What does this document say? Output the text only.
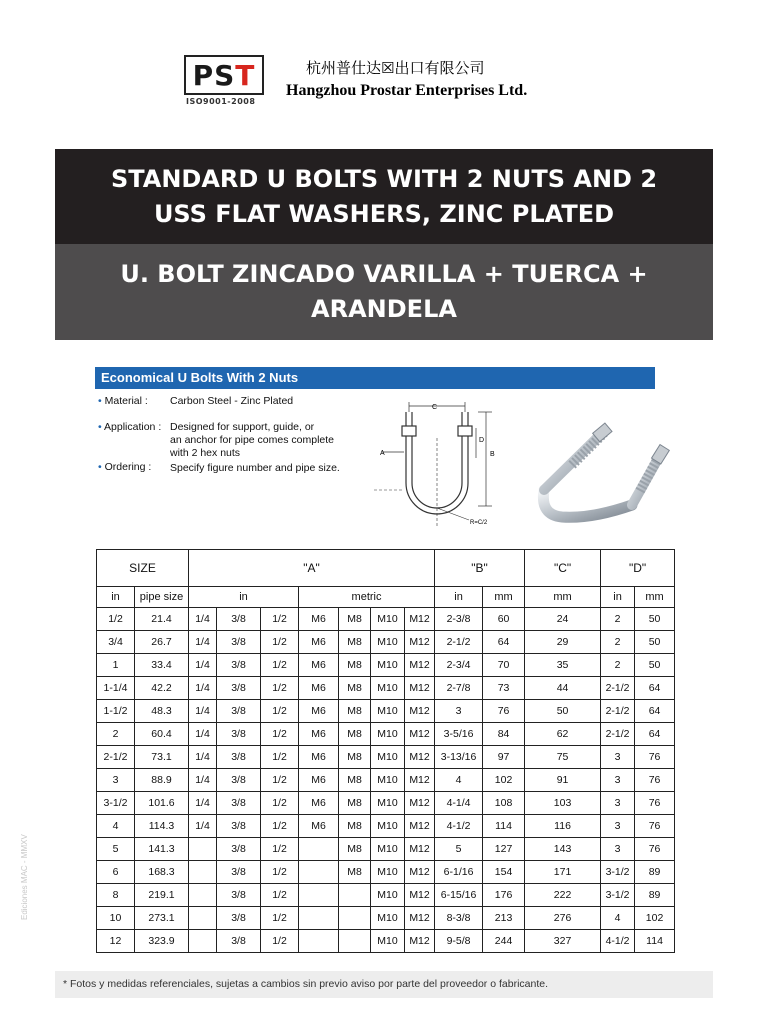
PST
ISO9001-2008
杭州普仕达☒出口有限公司
Hangzhou Prostar Enterprises Ltd.
STANDARD U BOLTS WITH 2 NUTS AND 2 USS FLAT WASHERS, ZINC PLATED
U. BOLT ZINCADO VARILLA + TUERCA + ARANDELA
Economical U Bolts With 2 Nuts
• Material : Carbon Steel - Zinc Plated
• Application : Designed for support, guide, or
an anchor for pipe comes complete
with 2 hex nuts
• Ordering : Specify figure number and pipe size.
C
D
B
A
R=C/2
SIZE		"A"							"B"		"C"	"D"	
in	pipe size	in			metric				in	mm	mm	in	mm
1/2	21.4	1/4	3/8	1/2	M6	M8	M10	M12	2-3/8	60	24	2	50
3/4	26.7	1/4	3/8	1/2	M6	M8	M10	M12	2-1/2	64	29	2	50
1	33.4	1/4	3/8	1/2	M6	M8	M10	M12	2-3/4	70	35	2	50
1-1/4	42.2	1/4	3/8	1/2	M6	M8	M10	M12	2-7/8	73	44	2-1/2	64
1-1/2	48.3	1/4	3/8	1/2	M6	M8	M10	M12	3	76	50	2-1/2	64
2	60.4	1/4	3/8	1/2	M6	M8	M10	M12	3-5/16	84	62	2-1/2	64
2-1/2	73.1	1/4	3/8	1/2	M6	M8	M10	M12	3-13/16	97	75	3	76
3	88.9	1/4	3/8	1/2	M6	M8	M10	M12	4	102	91	3	76
3-1/2	101.6	1/4	3/8	1/2	M6	M8	M10	M12	4-1/4	108	103	3	76
4	114.3	1/4	3/8	1/2	M6	M8	M10	M12	4-1/2	114	116	3	76
5	141.3		3/8	1/2		M8	M10	M12	5	127	143	3	76
6	168.3		3/8	1/2		M8	M10	M12	6-1/16	154	171	3-1/2	89
8	219.1		3/8	1/2			M10	M12	6-15/16	176	222	3-1/2	89
10	273.1		3/8	1/2			M10	M12	8-3/8	213	276	4	102
12	323.9		3/8	1/2			M10	M12	9-5/8	244	327	4-1/2	114
* Fotos y medidas referenciales, sujetas a cambios sin previo aviso por parte del proveedor o fabricante.
Ediciones MAC - MMXV
